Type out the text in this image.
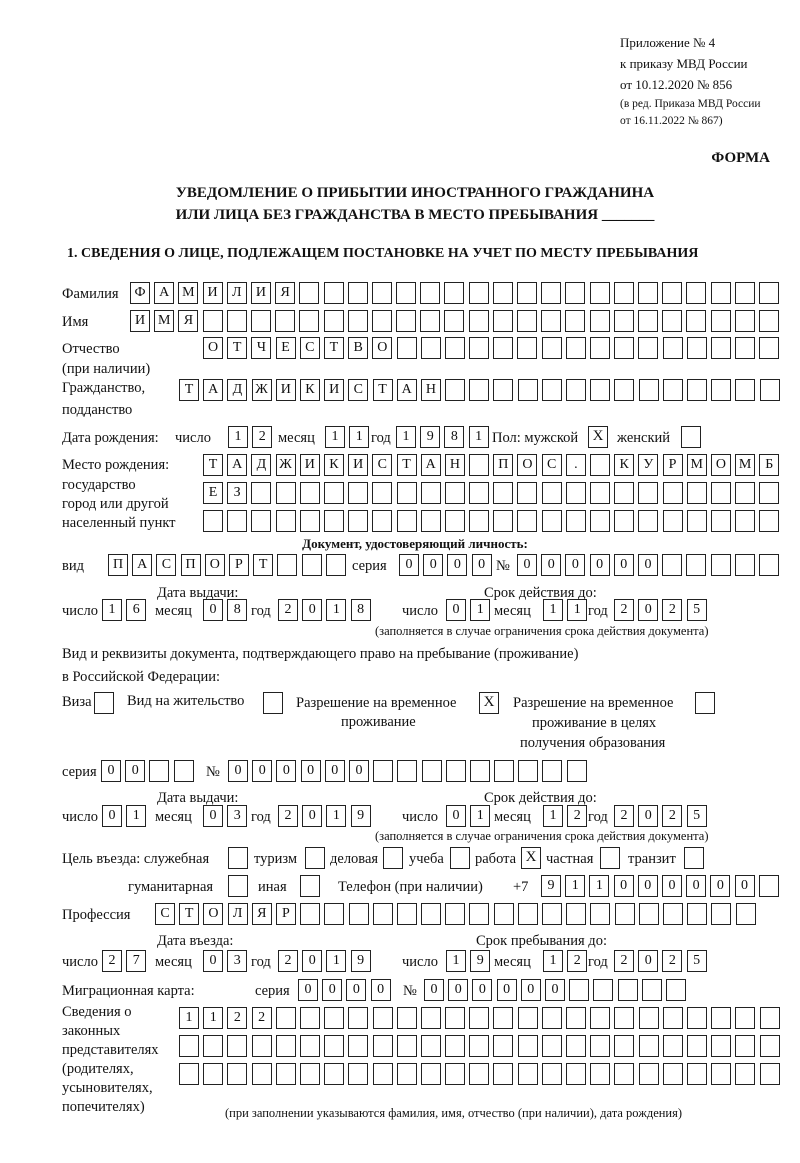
Приложение № 4
к приказу МВД России
от 10.12.2020 № 856
(в ред. Приказа МВД России
от 16.11.2022 № 867)
ФОРМА
УВЕДОМЛЕНИЕ О ПРИБЫТИИ ИНОСТРАННОГО ГРАЖДАНИНА
ИЛИ ЛИЦА БЕЗ ГРАЖДАНСТВА В МЕСТО ПРЕБЫВАНИЯ _______
1. СВЕДЕНИЯ О ЛИЦЕ, ПОДЛЕЖАЩЕМ ПОСТАНОВКЕ НА УЧЕТ ПО МЕСТУ ПРЕБЫВАНИЯ
Фамилия	Ф А М И	Л	И	Я
Имя	И М Я
Отчество
(при наличии)
О	Т	Ч	Е	С	Т	В	О
Гражданство,
подданство
Т	А	Д Ж И	К	И	С	Т	А	Н
Дата рождения: число	1	2 месяц	1	1 год 1	9	8	1 Пол: мужской X женский
Место рождения:
государство
город или другой
населенный пункт
Т	А	Д Ж И	К	И	С	Т	А	Н	П	О	С	.	К	У	Р	М О М Б
Е	З
Документ, удостоверяющий личность:
вид	П	А	С	П	О	Р	Т	серия	0	0	0	0 № 0	0	0	0	0	0
Дата выдачи:	Срок действия до:
число 1	6	месяц	0	8 год 2	0	1	8	число	0	1 месяц	1	1 год 2	0	2	5
(заполняется в случае ограничения срока действия документа)
Вид и реквизиты документа, подтверждающего право на пребывание (проживание)
в Российской Федерации:
Виза Вид на жительство	Разрешение на временное
проживание
X	Разрешение на временное
проживание в целях
получения образования
серия 0	0	№	0	0	0	0	0	0
Дата выдачи:	Срок действия до:
число 0	1	месяц	0	3 год 2	0	1	9	число	0	1 месяц	1	2 год 2	0	2	5
(заполняется в случае ограничения срока действия документа)
Цель въезда: служебная	туризм деловая учеба работа X частная транзит
гуманитарная	иная	Телефон (при наличии) +7	9	1	1	0	0	0	0	0	0
Профессия	С	Т	О	Л	Я	Р
Дата въезда:	Срок пребывания до:
число 2	7	месяц	0	3 год 2	0	1	9	число	1	9 месяц	1	2 год 2	0	2	5
Миграционная карта:	серия	0	0	0	0	№ 0	0	0	0	0	0
Сведения о
законных
представителях
(родителях,
усыновителях,
попечителях)
1	1	2	2
(при заполнении указываются фамилия, имя, отчество (при наличии), дата рождения)
